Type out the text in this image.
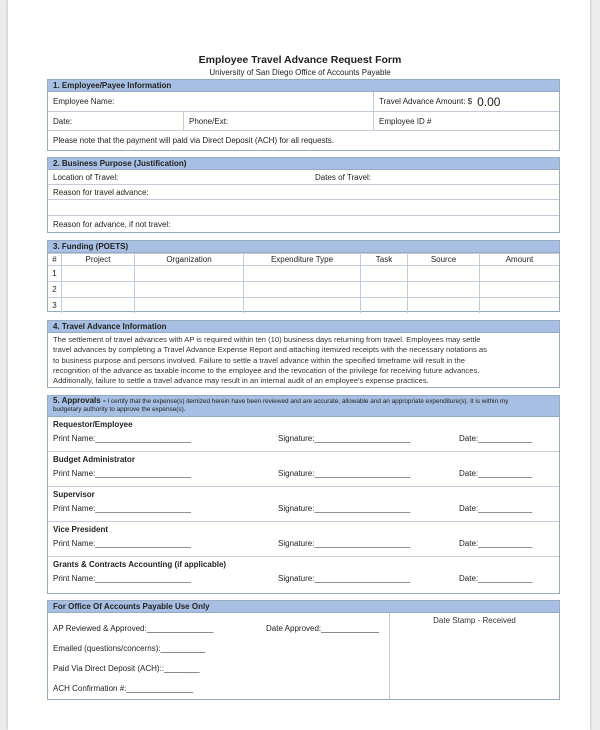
Employee Travel Advance Request Form
University of San Diego Office of Accounts Payable
1. Employee/Payee Information
Employee Name:	Travel Advance Amount: $ 0.00
Date:	Phone/Ext:	Employee ID #
Please note that the payment will paid via Direct Deposit (ACH) for all requests.
2. Business Purpose (Justification)
Location of Travel:	Dates of Travel:
Reason for travel advance:
Reason for advance, if not travel:
3. Funding (POETS)
#	Project	Organization	Expenditure Type	Task	Source	Amount
1						
2						
3						
4. Travel Advance Information
The settlement of travel advances with AP is required within ten (10) business days returning from travel. Employees may settle
travel advances by completing a Travel Advance Expense Report and attaching itemized receipts with the necessary notations as
to business purpose and persons involved. Failure to settle a travel advance within the specified timeframe will result in the
recognition of the advance as taxable income to the employee and the revocation of the privilege for receiving future advances.
Additionally, failure to settle a travel advance may result in an internal audit of an employee's expense practices.
5. Approvals - I certify that the expense(s) itemized herein have been reviewed and are accurate, allowable and an appropriate expenditure(s). It is within my
budgetary authority to approve the expense(s).
Requestor/Employee
Print Name:_______________________	Signature:_______________________	Date:_____________
Budget Administrator
Print Name:_______________________	Signature:_______________________	Date:_____________
Supervisor
Print Name:_______________________	Signature:_______________________	Date:_____________
Vice President
Print Name:_______________________	Signature:_______________________	Date:_____________
Grants & Contracts Accounting (if applicable)
Print Name:_______________________	Signature:_______________________	Date:_____________
For Office Of Accounts Payable Use Only
AP Reviewed & Approved:_______________	Date Approved:_____________
Emailed (questions/concerns):__________
Paid Via Direct Deposit (ACH)::________
ACH Confirmation #:_______________
Date Stamp - Received
